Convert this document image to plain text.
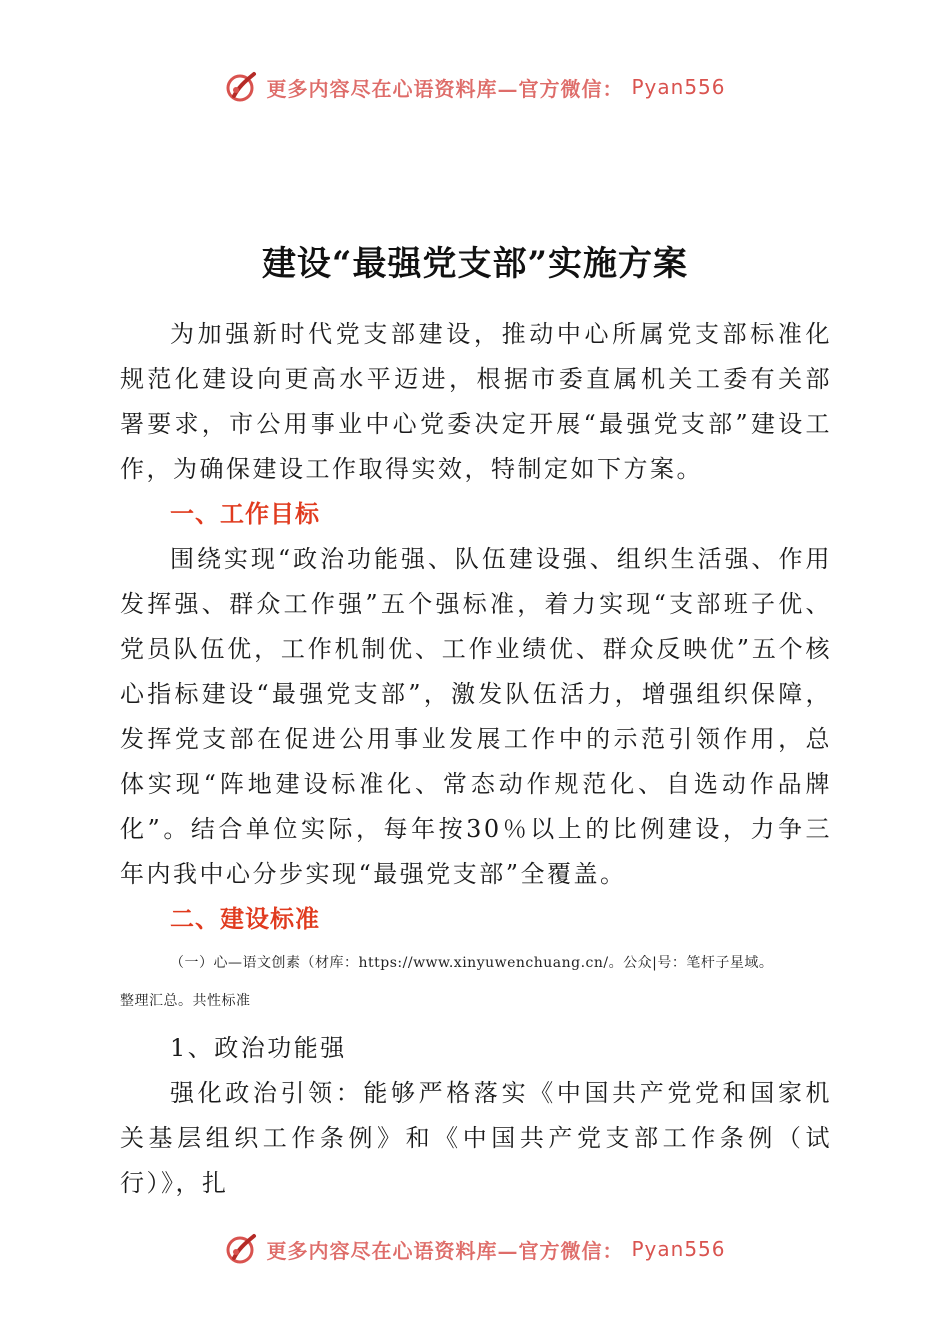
更多内容尽在心语资料库—官方微信： Pyan556
建设“最强党支部”实施方案

为加强新时代党支部建设，推动中心所属党支部标准化规范化建设向更高水平迈进，根据市委直属机关工委有关部署要求，市公用事业中心党委决定开展“最强党支部”建设工作，为确保建设工作取得实效，特制定如下方案。

一、工作目标

围绕实现“政治功能强、队伍建设强、组织生活强、作用发挥强、群众工作强”五个强标准，着力实现“支部班子优、党员队伍优，工作机制优、工作业绩优、群众反映优”五个核心指标建设“最强党支部”，激发队伍活力，增强组织保障，发挥党支部在促进公用事业发展工作中的示范引领作用，总体实现“阵地建设标准化、常态动作规范化、自选动作品牌化”。结合单位实际，每年按30％以上的比例建设，力争三年内我中心分步实现“最强党支部”全覆盖。

二、建设标准

（一）心—语文创素（材库：https://www.xinyuwenchuang.cn/。公众|号：笔杆子星域。

整理汇总。共性标准

1、政治功能强

强化政治引领：能够严格落实《中国共产党党和国家机关基层组织工作条例》和《中国共产党支部工作条例（试行）》，扎

更多内容尽在心语资料库—官方微信： Pyan556
